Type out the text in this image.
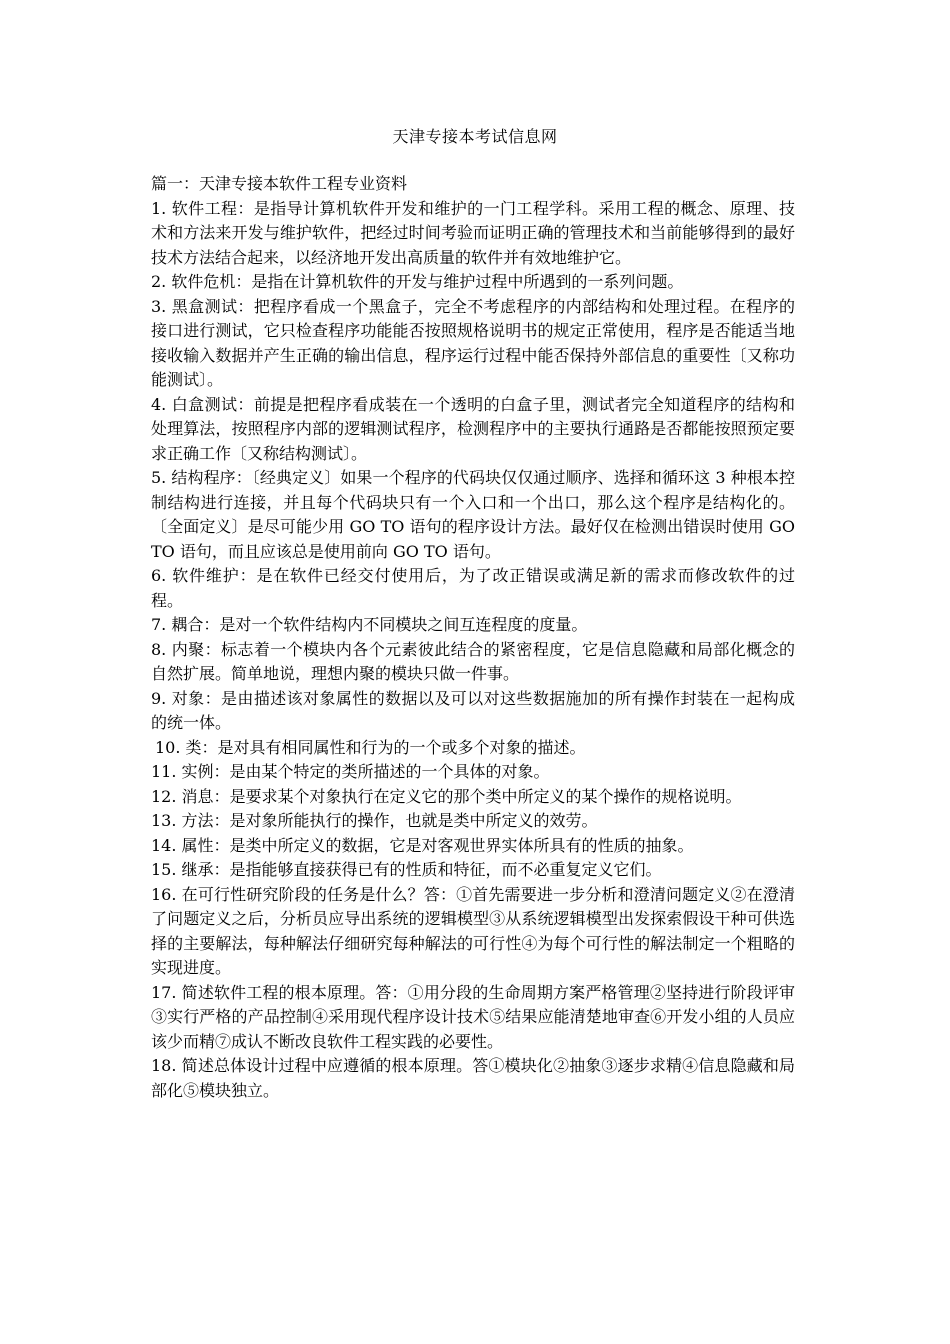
天津专接本考试信息网

篇一：天津专接本软件工程专业资料

1. 软件工程：是指导计算机软件开发和维护的一门工程学科。采用工程的概念、原理、技术和方法来开发与维护软件，把经过时间考验而证明正确的管理技术和当前能够得到的最好技术方法结合起来，以经济地开发出高质量的软件并有效地维护它。

2. 软件危机：是指在计算机软件的开发与维护过程中所遇到的一系列问题。

3. 黑盒测试：把程序看成一个黑盒子，完全不考虑程序的内部结构和处理过程。在程序的接口进行测试，它只检查程序功能能否按照规格说明书的规定正常使用，程序是否能适当地接收输入数据并产生正确的输出信息，程序运行过程中能否保持外部信息的重要性〔又称功能测试〕。

4. 白盒测试：前提是把程序看成装在一个透明的白盒子里，测试者完全知道程序的结构和处理算法，按照程序内部的逻辑测试程序，检测程序中的主要执行通路是否都能按照预定要求正确工作〔又称结构测试〕。

5. 结构程序：〔经典定义〕如果一个程序的代码块仅仅通过顺序、选择和循环这 3 种根本控制结构进行连接，并且每个代码块只有一个入口和一个出口，那么这个程序是结构化的。〔全面定义〕是尽可能少用 GO TO 语句的程序设计方法。最好仅在检测出错误时使用 GO TO 语句，而且应该总是使用前向 GO TO 语句。

6. 软件维护：是在软件已经交付使用后，为了改正错误或满足新的需求而修改软件的过程。

7. 耦合：是对一个软件结构内不同模块之间互连程度的度量。

8. 内聚：标志着一个模块内各个元素彼此结合的紧密程度，它是信息隐藏和局部化概念的自然扩展。简单地说，理想内聚的模块只做一件事。

9. 对象：是由描述该对象属性的数据以及可以对这些数据施加的所有操作封装在一起构成的统一体。

10. 类：是对具有相同属性和行为的一个或多个对象的描述。

11. 实例：是由某个特定的类所描述的一个具体的对象。

12. 消息：是要求某个对象执行在定义它的那个类中所定义的某个操作的规格说明。

13. 方法：是对象所能执行的操作，也就是类中所定义的效劳。

14. 属性：是类中所定义的数据，它是对客观世界实体所具有的性质的抽象。

15. 继承：是指能够直接获得已有的性质和特征，而不必重复定义它们。

16. 在可行性研究阶段的任务是什么？答：①首先需要进一步分析和澄清问题定义②在澄清了问题定义之后，分析员应导出系统的逻辑模型③从系统逻辑模型出发探索假设干种可供选择的主要解法，每种解法仔细研究每种解法的可行性④为每个可行性的解法制定一个粗略的实现进度。

17. 简述软件工程的根本原理。答：①用分段的生命周期方案严格管理②坚持进行阶段评审③实行严格的产品控制④采用现代程序设计技术⑤结果应能清楚地审查⑥开发小组的人员应该少而精⑦成认不断改良软件工程实践的必要性。

18. 简述总体设计过程中应遵循的根本原理。答①模块化②抽象③逐步求精④信息隐藏和局部化⑤模块独立。
